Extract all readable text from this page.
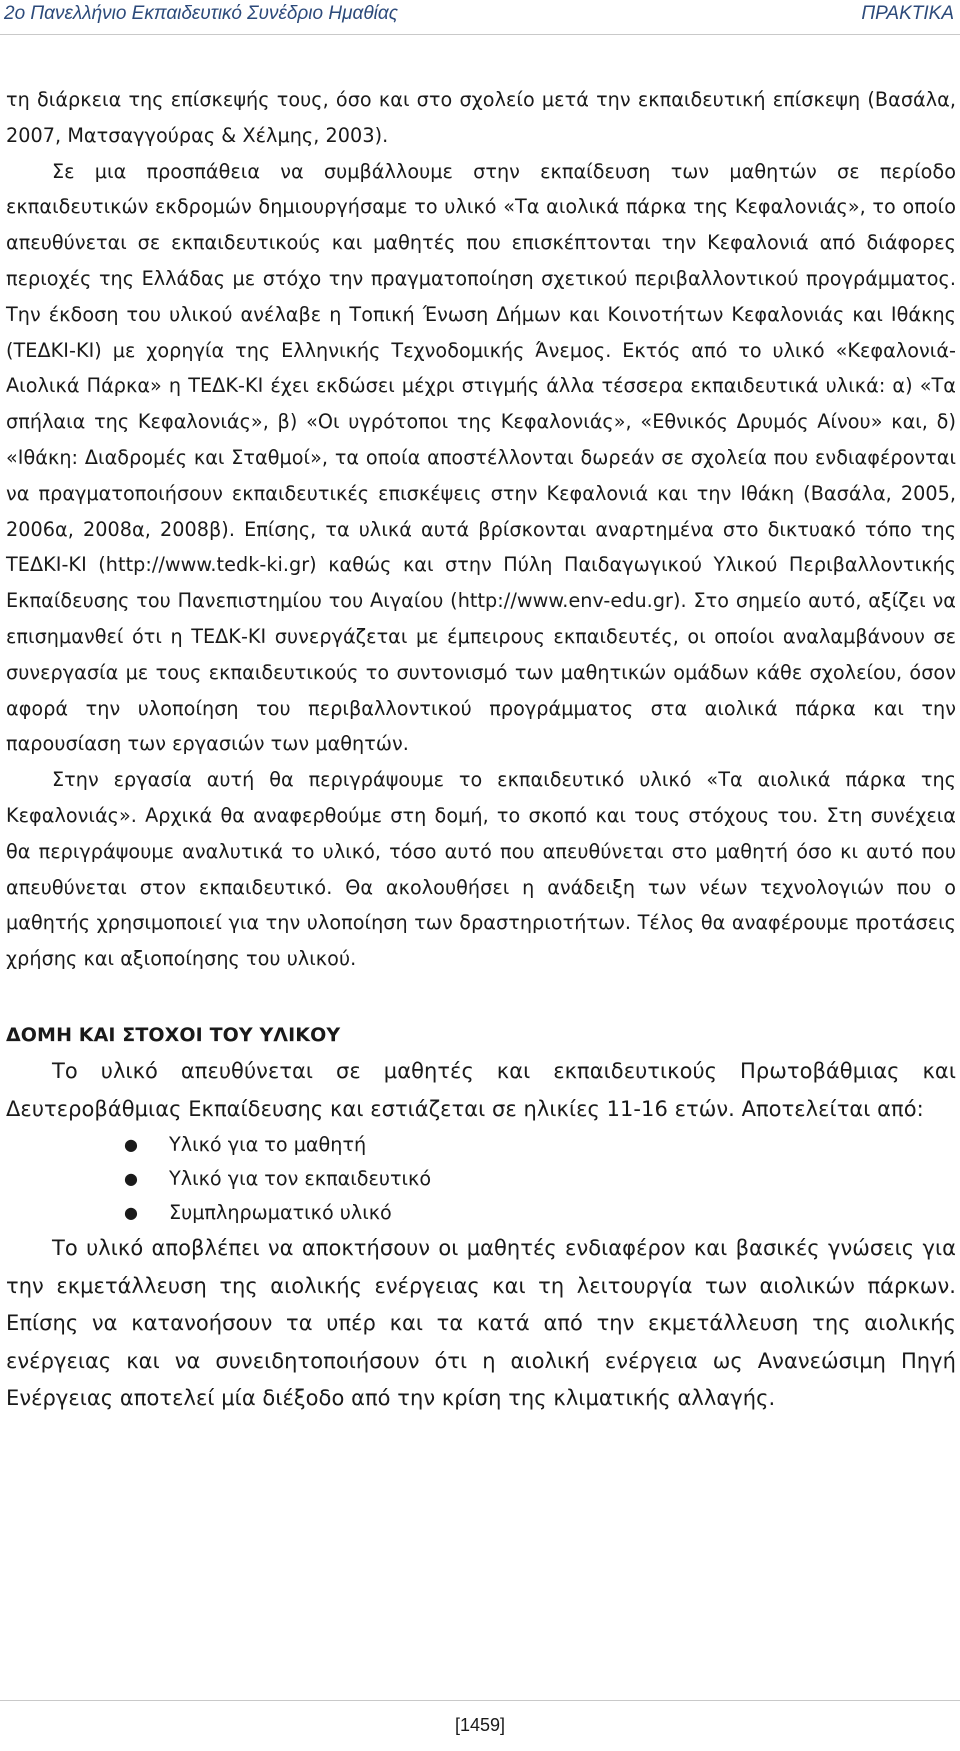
2ο Πανελλήνιο Εκπαιδευτικό Συνέδριο Ημαθίας	ΠΡΑΚΤΙΚΑ

τη διάρκεια της επίσκεψής τους, όσο και στο σχολείο μετά την εκπαιδευτική επίσκεψη (Βασάλα, 2007, Ματσαγγούρας & Χέλμης, 2003).

Σε μια προσπάθεια να συμβάλλουμε στην εκπαίδευση των μαθητών σε περίοδο εκπαιδευτικών εκδρομών δημιουργήσαμε το υλικό «Τα αιολικά πάρκα της Κεφαλονιάς», το οποίο απευθύνεται σε εκπαιδευτικούς και μαθητές που επισκέπτονται την Κεφαλονιά από διάφορες περιοχές της Ελλάδας με στόχο την πραγματοποίηση σχετικού περιβαλλοντικού προγράμματος. Την έκδοση του υλικού ανέλαβε η Τοπική Ένωση Δήμων και Κοινοτήτων Κεφαλονιάς και Ιθάκης (ΤΕΔΚΙ-ΚΙ) με χορηγία της Ελληνικής Τεχνοδομικής Άνεμος. Εκτός από το υλικό «Κεφαλονιά-Αιολικά Πάρκα» η ΤΕΔΚ-ΚΙ έχει εκδώσει μέχρι στιγμής άλλα τέσσερα εκπαιδευτικά υλικά: α) «Τα σπήλαια της Κεφαλονιάς», β) «Οι υγρότοποι της Κεφαλονιάς», «Εθνικός Δρυμός Αίνου» και, δ) «Ιθάκη: Διαδρομές και Σταθμοί», τα οποία αποστέλλονται δωρεάν σε σχολεία που ενδιαφέρονται να πραγματοποιήσουν εκπαιδευτικές επισκέψεις στην Κεφαλονιά και την Ιθάκη (Βασάλα, 2005, 2006α, 2008α, 2008β). Επίσης, τα υλικά αυτά βρίσκονται αναρτημένα στο δικτυακό τόπο της ΤΕΔΚΙ-ΚΙ (http://www.tedk-ki.gr) καθώς και στην Πύλη Παιδαγωγικού Υλικού Περιβαλλοντικής Εκπαίδευσης του Πανεπιστημίου του Αιγαίου (http://www.env-edu.gr). Στο σημείο αυτό, αξίζει να επισημανθεί ότι η ΤΕΔΚ-ΚΙ συνεργάζεται με έμπειρους εκπαιδευτές, οι οποίοι αναλαμβάνουν σε συνεργασία με τους εκπαιδευτικούς το συντονισμό των μαθητικών ομάδων κάθε σχολείου, όσον αφορά την υλοποίηση του περιβαλλοντικού προγράμματος στα αιολικά πάρκα και την παρουσίαση των εργασιών των μαθητών.

Στην εργασία αυτή θα περιγράψουμε το εκπαιδευτικό υλικό «Τα αιολικά πάρκα της Κεφαλονιάς». Αρχικά θα αναφερθούμε στη δομή, το σκοπό και τους στόχους του. Στη συνέχεια θα περιγράψουμε αναλυτικά το υλικό, τόσο αυτό που απευθύνεται στο μαθητή όσο κι αυτό που απευθύνεται στον εκπαιδευτικό. Θα ακολουθήσει η ανάδειξη των νέων τεχνολογιών που ο μαθητής χρησιμοποιεί για την υλοποίηση των δραστηριοτήτων. Τέλος θα αναφέρουμε προτάσεις χρήσης και αξιοποίησης του υλικού.

ΔΟΜΗ ΚΑΙ ΣΤΟΧΟΙ ΤΟΥ ΥΛΙΚΟΥ

Το υλικό απευθύνεται σε μαθητές και εκπαιδευτικούς Πρωτοβάθμιας και Δευτεροβάθμιας Εκπαίδευσης και εστιάζεται σε ηλικίες 11-16 ετών. Αποτελείται από:

● Υλικό για το μαθητή
● Υλικό για τον εκπαιδευτικό
● Συμπληρωματικό υλικό

Το υλικό αποβλέπει να αποκτήσουν οι μαθητές ενδιαφέρον και βασικές γνώσεις για την εκμετάλλευση της αιολικής ενέργειας και τη λειτουργία των αιολικών πάρκων. Επίσης να κατανοήσουν τα υπέρ και τα κατά από την εκμετάλλευση της αιολικής ενέργειας και να συνειδητοποιήσουν ότι η αιολική ενέργεια ως Ανανεώσιμη Πηγή Ενέργειας αποτελεί μία διέξοδο από την κρίση της κλιματικής αλλαγής.

[1459]
